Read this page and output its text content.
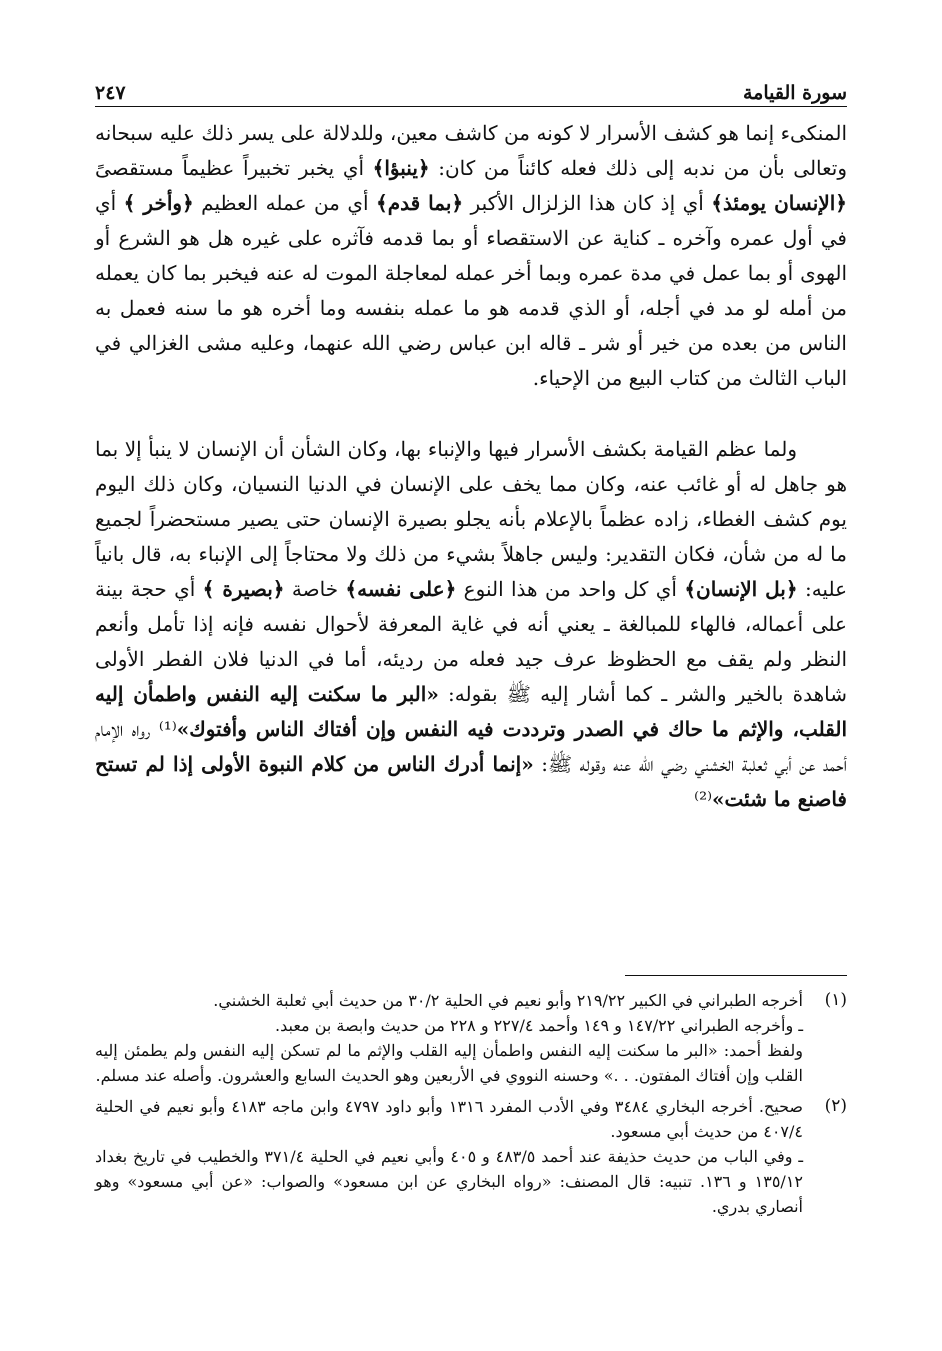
سورة القيامة
٢٤٧

المنكىء إنما هو كشف الأسرار لا كونه من كاشف معين، وللدلالة على يسر ذلك عليه سبحانه وتعالى بأن من ندبه إلى ذلك فعله كائناً من كان: ﴿ينبؤا﴾ أي يخبر تخبيراً عظيماً مستقصىً ﴿الإنسان يومئذ﴾ أي إذ كان هذا الزلزال الأكبر ﴿بما قدم﴾ أي من عمله العظيم ﴿وأخر ﴾ أي في أول عمره وآخره ـ كناية عن الاستقصاء أو بما قدمه فآثره على غيره هل هو الشرع أو الهوى أو بما عمل في مدة عمره وبما أخر عمله لمعاجلة الموت له عنه فيخبر بما كان يعمله من أمله لو مد في أجله، أو الذي قدمه هو ما عمله بنفسه وما أخره هو ما سنه فعمل به الناس من بعده من خير أو شر ـ قاله ابن عباس رضي الله عنهما، وعليه مشى الغزالي في الباب الثالث من كتاب البيع من الإحياء.

ولما عظم القيامة بكشف الأسرار فيها والإنباء بها، وكان الشأن أن الإنسان لا ينبأ إلا بما هو جاهل له أو غائب عنه، وكان مما يخف على الإنسان في الدنيا النسيان، وكان ذلك اليوم يوم كشف الغطاء، زاده عظماً بالإعلام بأنه يجلو بصيرة الإنسان حتى يصير مستحضراً لجميع ما له من شأن، فكان التقدير: وليس جاهلاً بشيء من ذلك ولا محتاجاً إلى الإنباء به، قال بانياً عليه: ﴿بل الإنسان﴾ أي كل واحد من هذا النوع ﴿على نفسه﴾ خاصة ﴿بصيرة ﴾ أي حجة بينة على أعماله، فالهاء للمبالغة ـ يعني أنه في غاية المعرفة لأحوال نفسه فإنه إذا تأمل وأنعم النظر ولم يقف مع الحظوظ عرف جيد فعله من رديئه، أما في الدنيا فلان الفطر الأولى شاهدة بالخير والشر ـ كما أشار إليه ﷺ بقوله: «البر ما سكنت إليه النفس واطمأن إليه القلب، والإثم ما حاك في الصدر وترددت فيه النفس وإن أفتاك الناس وأفتوك»⁽¹⁾ رواه الإمام أحمد عن أبي ثعلبة الخشني رضي الله عنه وقوله ﷺ: «إنما أدرك الناس من كلام النبوة الأولى إذا لم تستح فاصنع ما شئت»⁽²⁾

(١)

أخرجه الطبراني في الكبير ٢١٩/٢٢ وأبو نعيم في الحلية ٣٠/٢ من حديث أبي ثعلبة الخشني.

ـ وأخرجه الطبراني ١٤٧/٢٢ و ١٤٩ وأحمد ٢٢٧/٤ و ٢٢٨ من حديث وابصة بن معبد.

ولفظ أحمد: «البر ما سكنت إليه النفس واطمأن إليه القلب والإثم ما لم تسكن إليه النفس ولم يطمئن إليه القلب وإن أفتاك المفتون. . .» وحسنه النووي في الأربعين وهو الحديث السابع والعشرون. وأصله عند مسلم.

(٢)

صحيح. أخرجه البخاري ٣٤٨٤ وفي الأدب المفرد ١٣١٦ وأبو داود ٤٧٩٧ وابن ماجه ٤١٨٣ وأبو نعيم في الحلية ٤٠٧/٤ من حديث أبي مسعود.

ـ وفي الباب من حديث حذيفة عند أحمد ٤٨٣/٥ و ٤٠٥ وأبي نعيم في الحلية ٣٧١/٤ والخطيب في تاريخ بغداد ١٣٥/١٢ و ١٣٦. تنبيه: قال المصنف: «رواه البخاري عن ابن مسعود» والصواب: «عن أبي مسعود» وهو أنصاري بدري.
